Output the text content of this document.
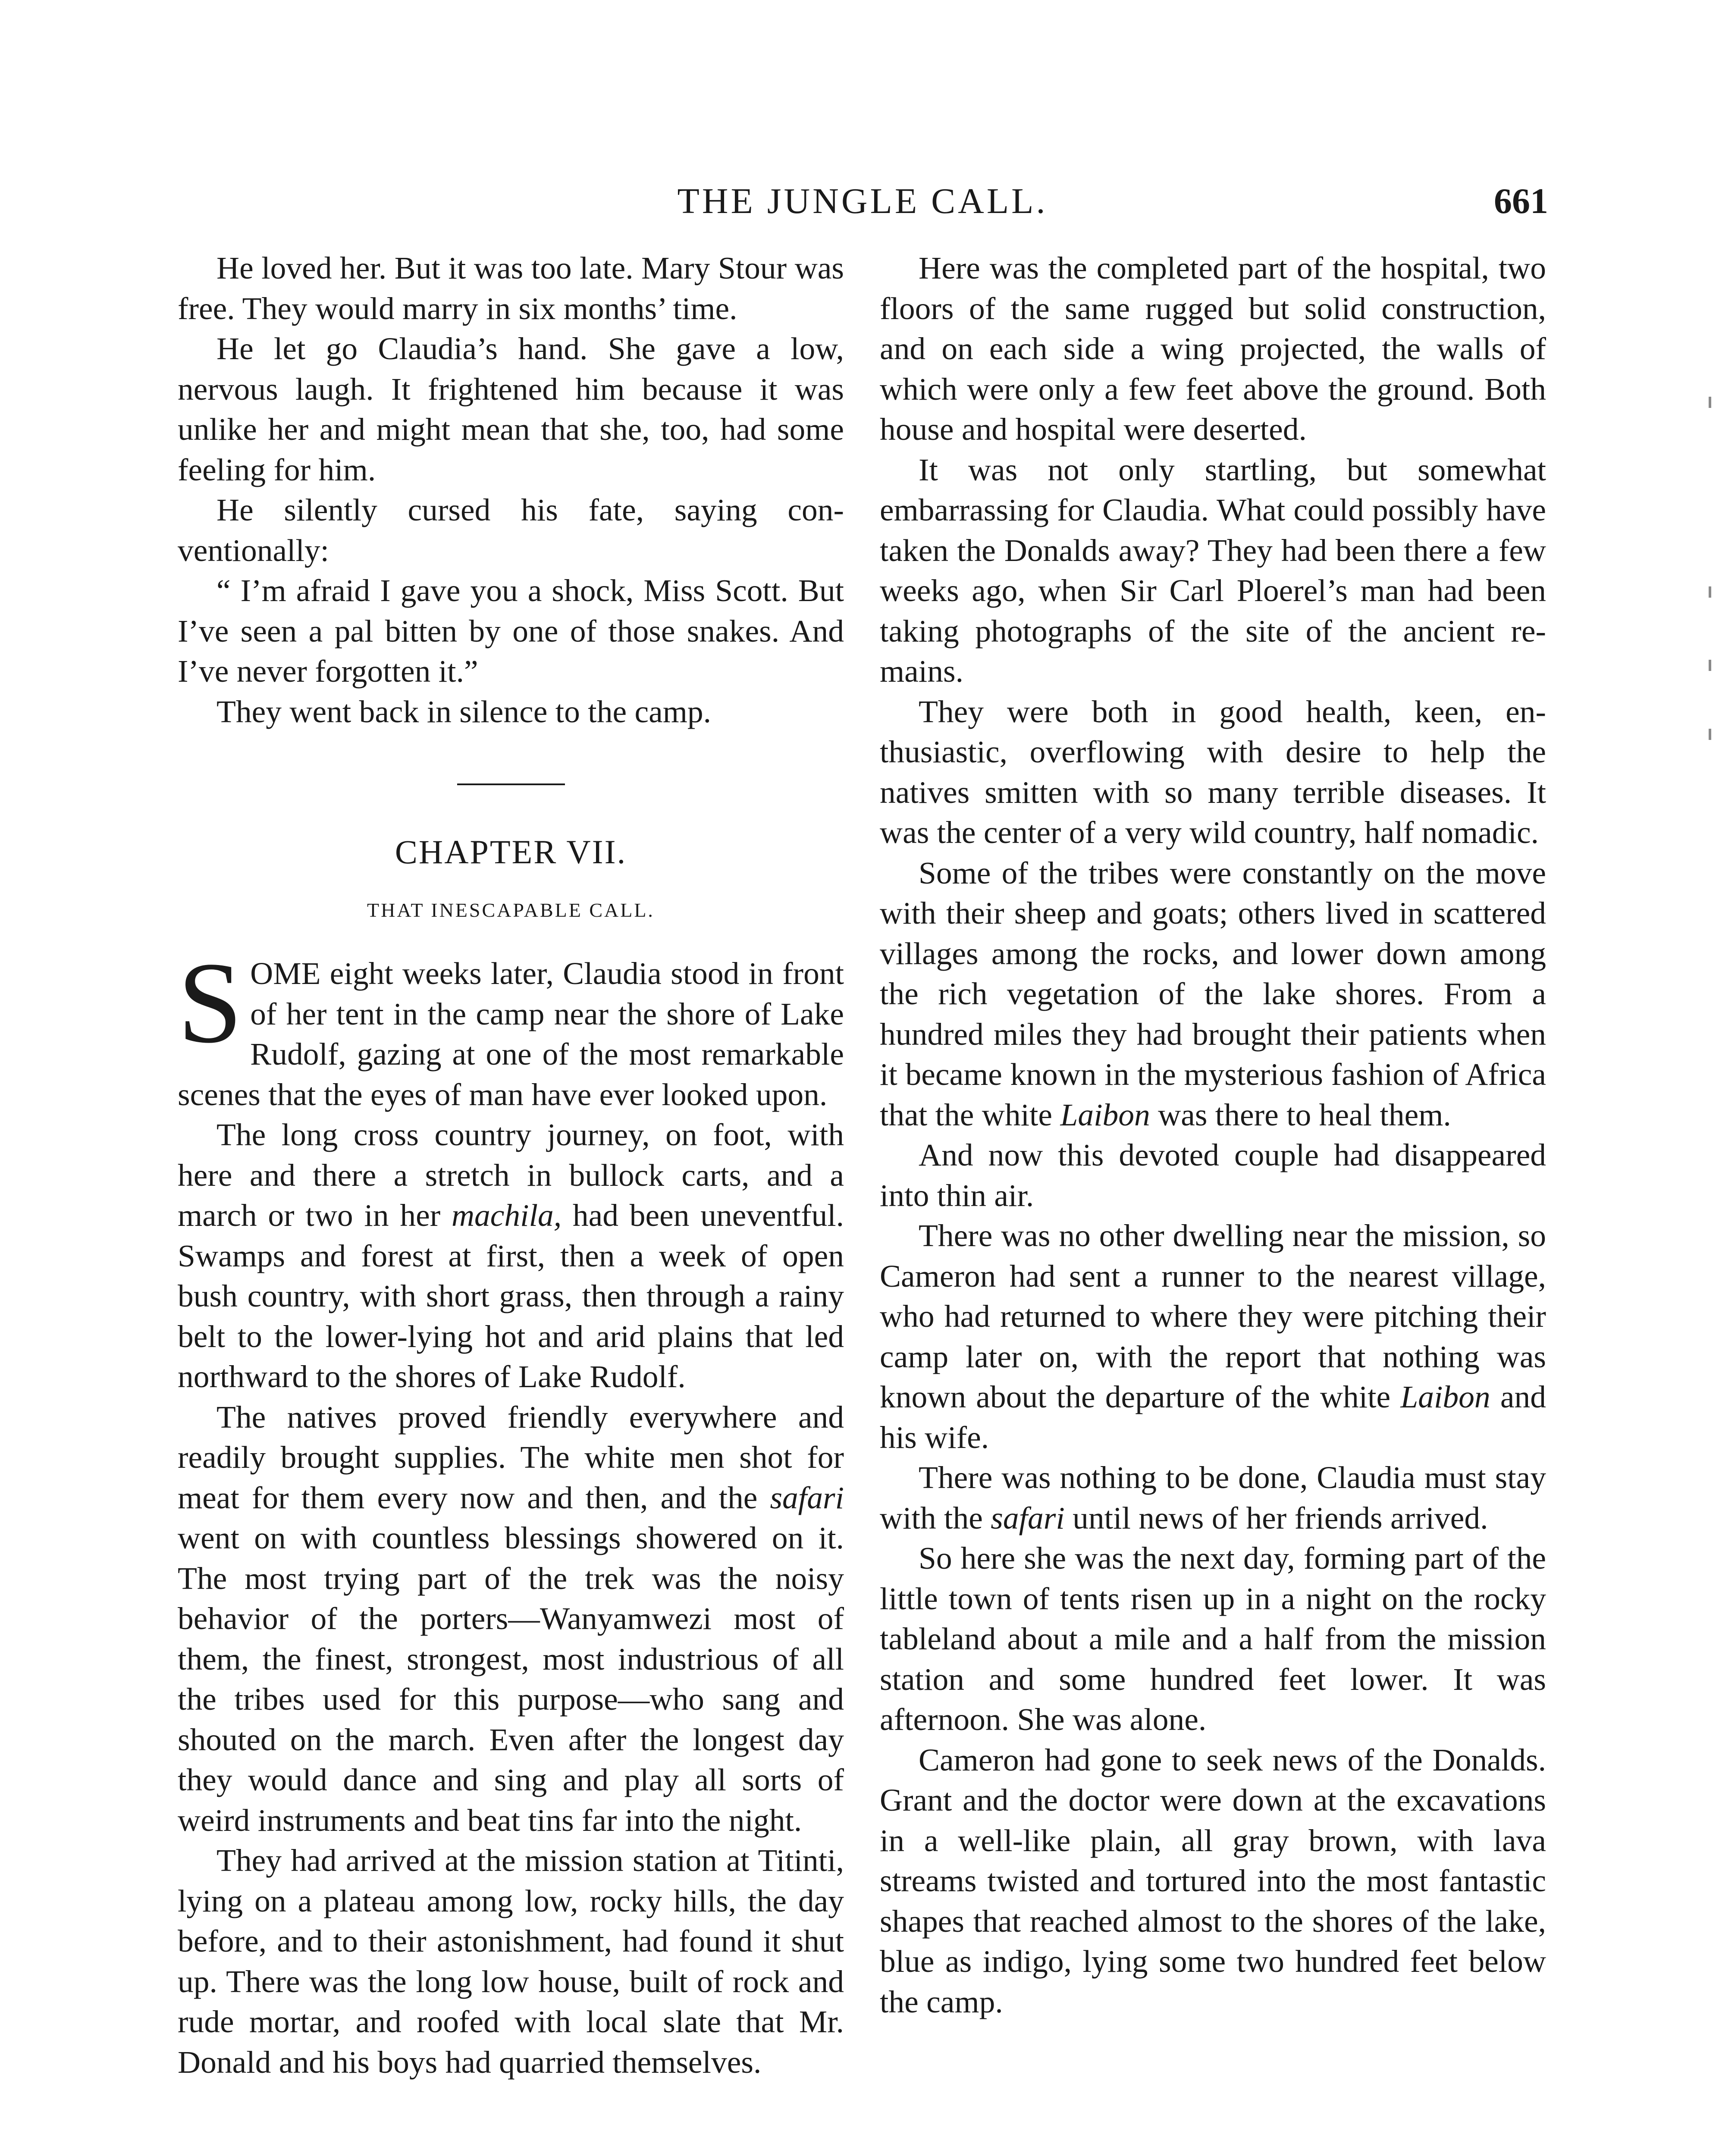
THE JUNGLE CALL.	661

He loved her. But it was too late. Mary Stour was free. They would marry in six months’ time.

He let go Claudia’s hand. She gave a low, nervous laugh. It frightened him because it was unlike her and might mean that she, too, had some feeling for him.

He silently cursed his fate, saying conventionally:

“ I’m afraid I gave you a shock, Miss Scott. But I’ve seen a pal bitten by one of those snakes. And I’ve never forgotten it.”

They went back in silence to the camp.

CHAPTER VII.
THAT INESCAPABLE CALL.

SOME eight weeks later, Claudia stood in front of her tent in the camp near the shore of Lake Rudolf, gazing at one of the most remarkable scenes that the eyes of man have ever looked upon.

The long cross country journey, on foot, with here and there a stretch in bullock carts, and a march or two in her machila, had been uneventful. Swamps and forest at first, then a week of open bush country, with short grass, then through a rainy belt to the lower-lying hot and arid plains that led northward to the shores of Lake Rudolf.

The natives proved friendly everywhere and readily brought supplies. The white men shot for meat for them every now and then, and the safari went on with countless blessings showered on it. The most trying part of the trek was the noisy behavior of the porters—Wanyamwezi most of them, the finest, strongest, most industrious of all the tribes used for this purpose—who sang and shouted on the march. Even after the longest day they would dance and sing and play all sorts of weird instruments and beat tins far into the night.

They had arrived at the mission station at Titinti, lying on a plateau among low, rocky hills, the day before, and to their astonishment, had found it shut up. There was the long low house, built of rock and rude mortar, and roofed with local slate that Mr. Donald and his boys had quarried themselves.

Here was the completed part of the hospital, two floors of the same rugged but solid construction, and on each side a wing projected, the walls of which were only a few feet above the ground. Both house and hospital were deserted.

It was not only startling, but somewhat embarrassing for Claudia. What could possibly have taken the Donalds away? They had been there a few weeks ago, when Sir Carl Ploerel’s man had been taking photographs of the site of the ancient remains.

They were both in good health, keen, enthusiastic, overflowing with desire to help the natives smitten with so many terrible diseases. It was the center of a very wild country, half nomadic.

Some of the tribes were constantly on the move with their sheep and goats; others lived in scattered villages among the rocks, and lower down among the rich vegetation of the lake shores. From a hundred miles they had brought their patients when it became known in the mysterious fashion of Africa that the white Laibon was there to heal them.

And now this devoted couple had disappeared into thin air.

There was no other dwelling near the mission, so Cameron had sent a runner to the nearest village, who had returned to where they were pitching their camp later on, with the report that nothing was known about the departure of the white Laibon and his wife.

There was nothing to be done, Claudia must stay with the safari until news of her friends arrived.

So here she was the next day, forming part of the little town of tents risen up in a night on the rocky tableland about a mile and a half from the mission station and some hundred feet lower. It was afternoon. She was alone.

Cameron had gone to seek news of the Donalds. Grant and the doctor were down at the excavations in a well-like plain, all gray brown, with lava streams twisted and tortured into the most fantastic shapes that reached almost to the shores of the lake, blue as indigo, lying some two hundred feet below the camp.
